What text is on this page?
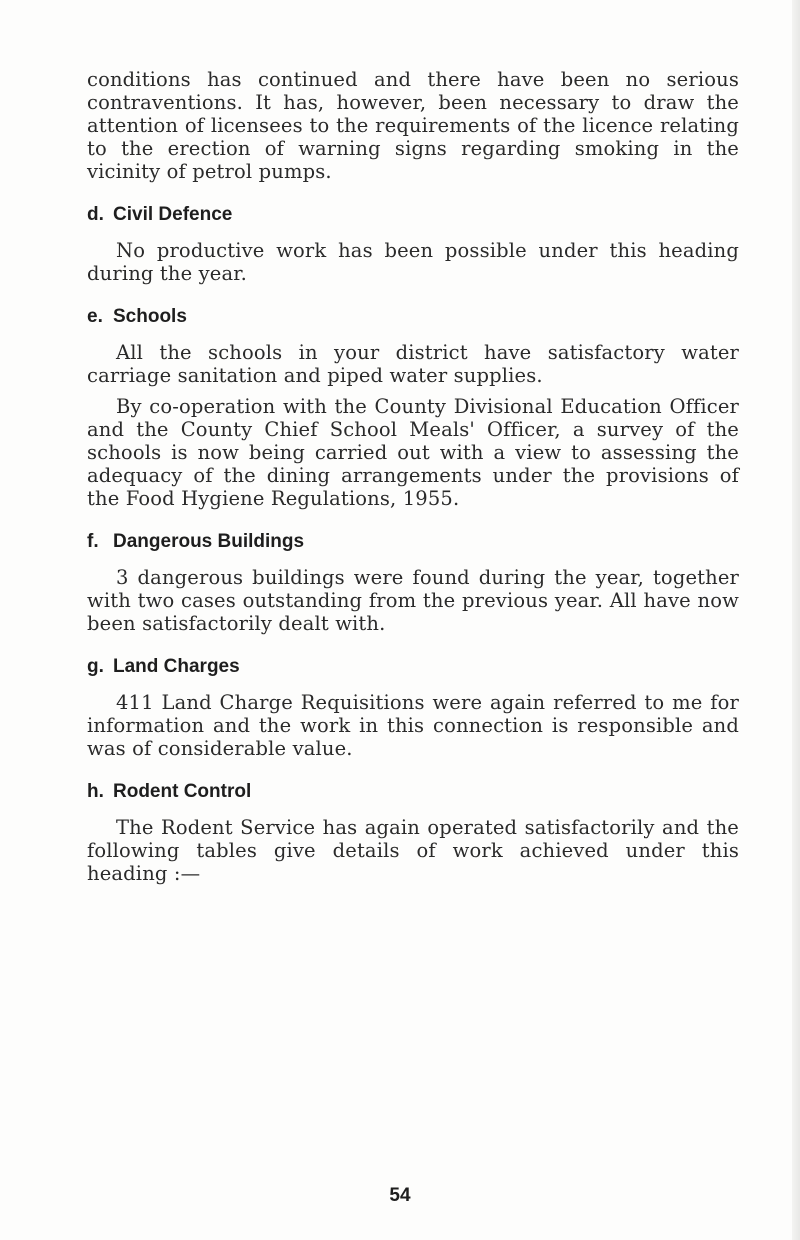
conditions has continued and there have been no serious contraventions. It has, however, been necessary to draw the attention of licensees to the requirements of the licence relating to the erection of warning signs regarding smoking in the vicinity of petrol pumps.

d. Civil Defence

No productive work has been possible under this heading during the year.

e. Schools

All the schools in your district have satisfactory water carriage sanitation and piped water supplies.

By co-operation with the County Divisional Education Officer and the County Chief School Meals' Officer, a survey of the schools is now being carried out with a view to assessing the adequacy of the dining arrangements under the provisions of the Food Hygiene Regulations, 1955.

f. Dangerous Buildings

3 dangerous buildings were found during the year, together with two cases outstanding from the previous year. All have now been satisfactorily dealt with.

g. Land Charges

411 Land Charge Requisitions were again referred to me for information and the work in this connection is responsible and was of considerable value.

h. Rodent Control

The Rodent Service has again operated satisfactorily and the following tables give details of work achieved under this heading :—

54
